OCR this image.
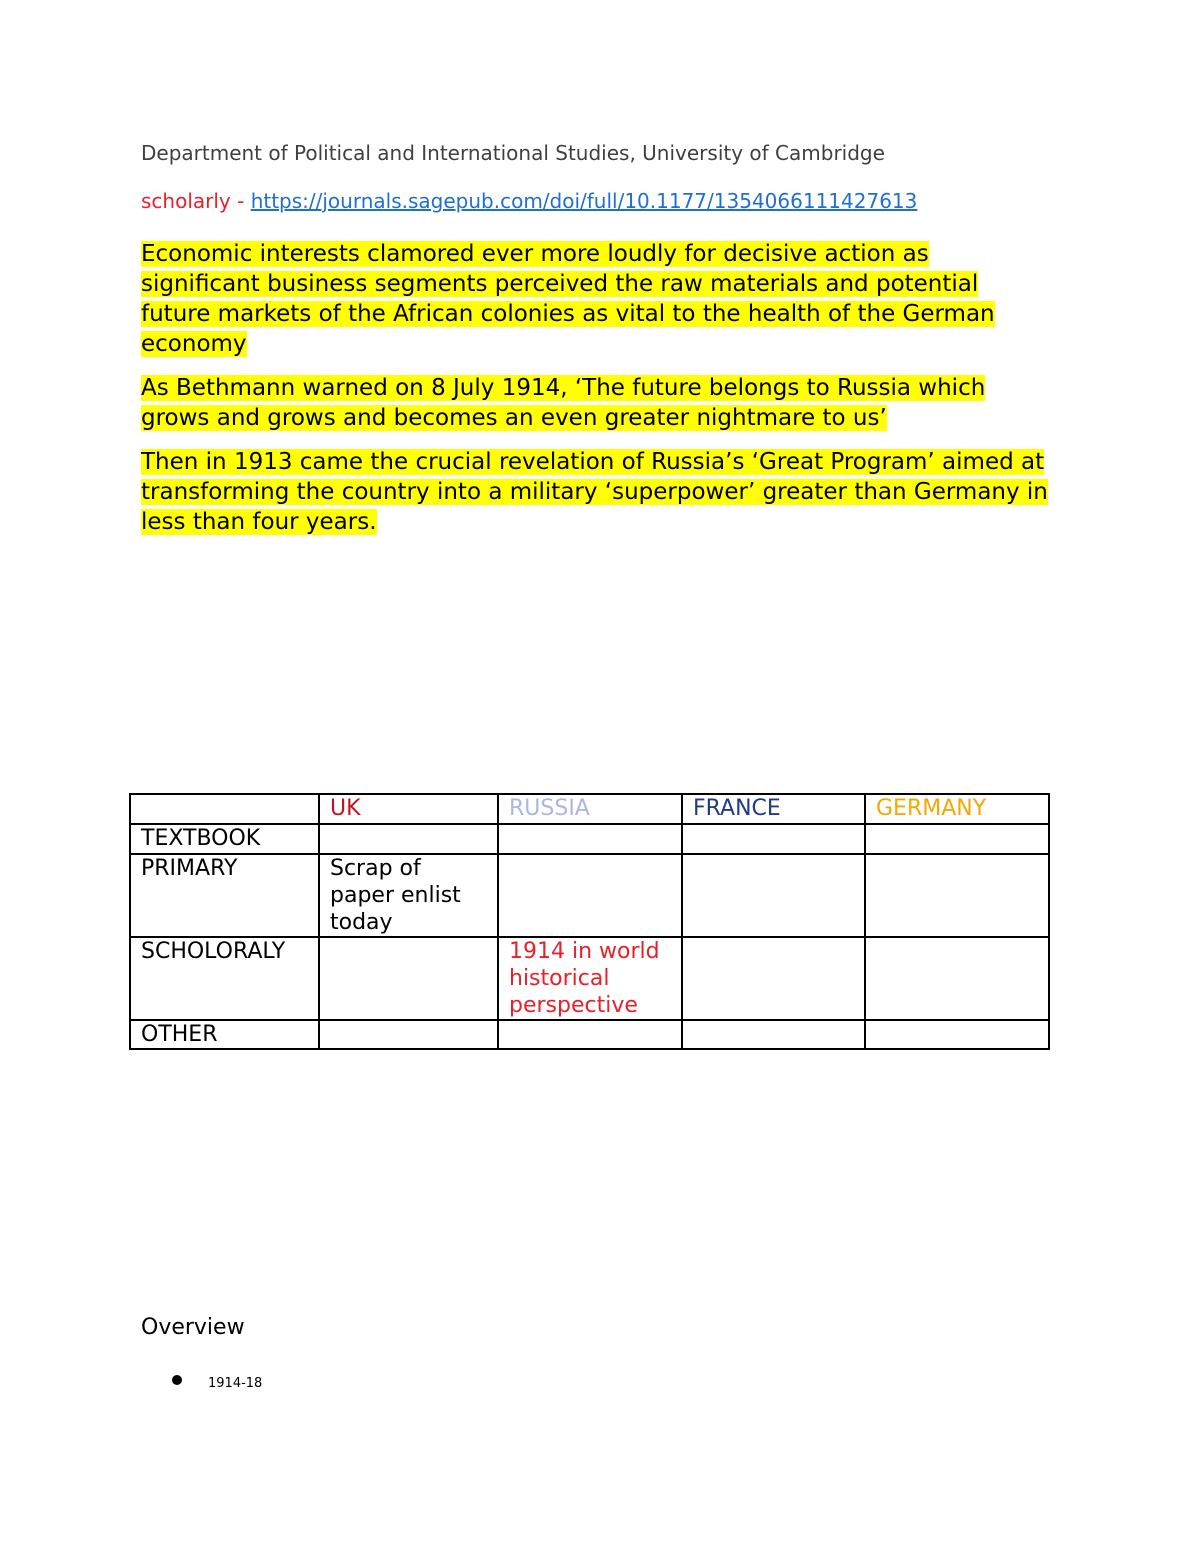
Department of Political and International Studies, University of Cambridge
scholarly - https://journals.sagepub.com/doi/full/10.1177/1354066111427613
Economic interests clamored ever more loudly for decisive action as significant business segments perceived the raw materials and potential future markets of the African colonies as vital to the health of the German economy
As Bethmann warned on 8 July 1914, ‘The future belongs to Russia which grows and grows and becomes an even greater nightmare to us’
Then in 1913 came the crucial revelation of Russia’s ‘Great Program’ aimed at transforming the country into a military ‘superpower’ greater than Germany in less than four years.
	UK	RUSSIA	FRANCE	GERMANY
TEXTBOOK				
PRIMARY	Scrap of paper enlist today			
SCHOLORALY		1914 in world historical perspective		
OTHER				
Overview
1914-18
